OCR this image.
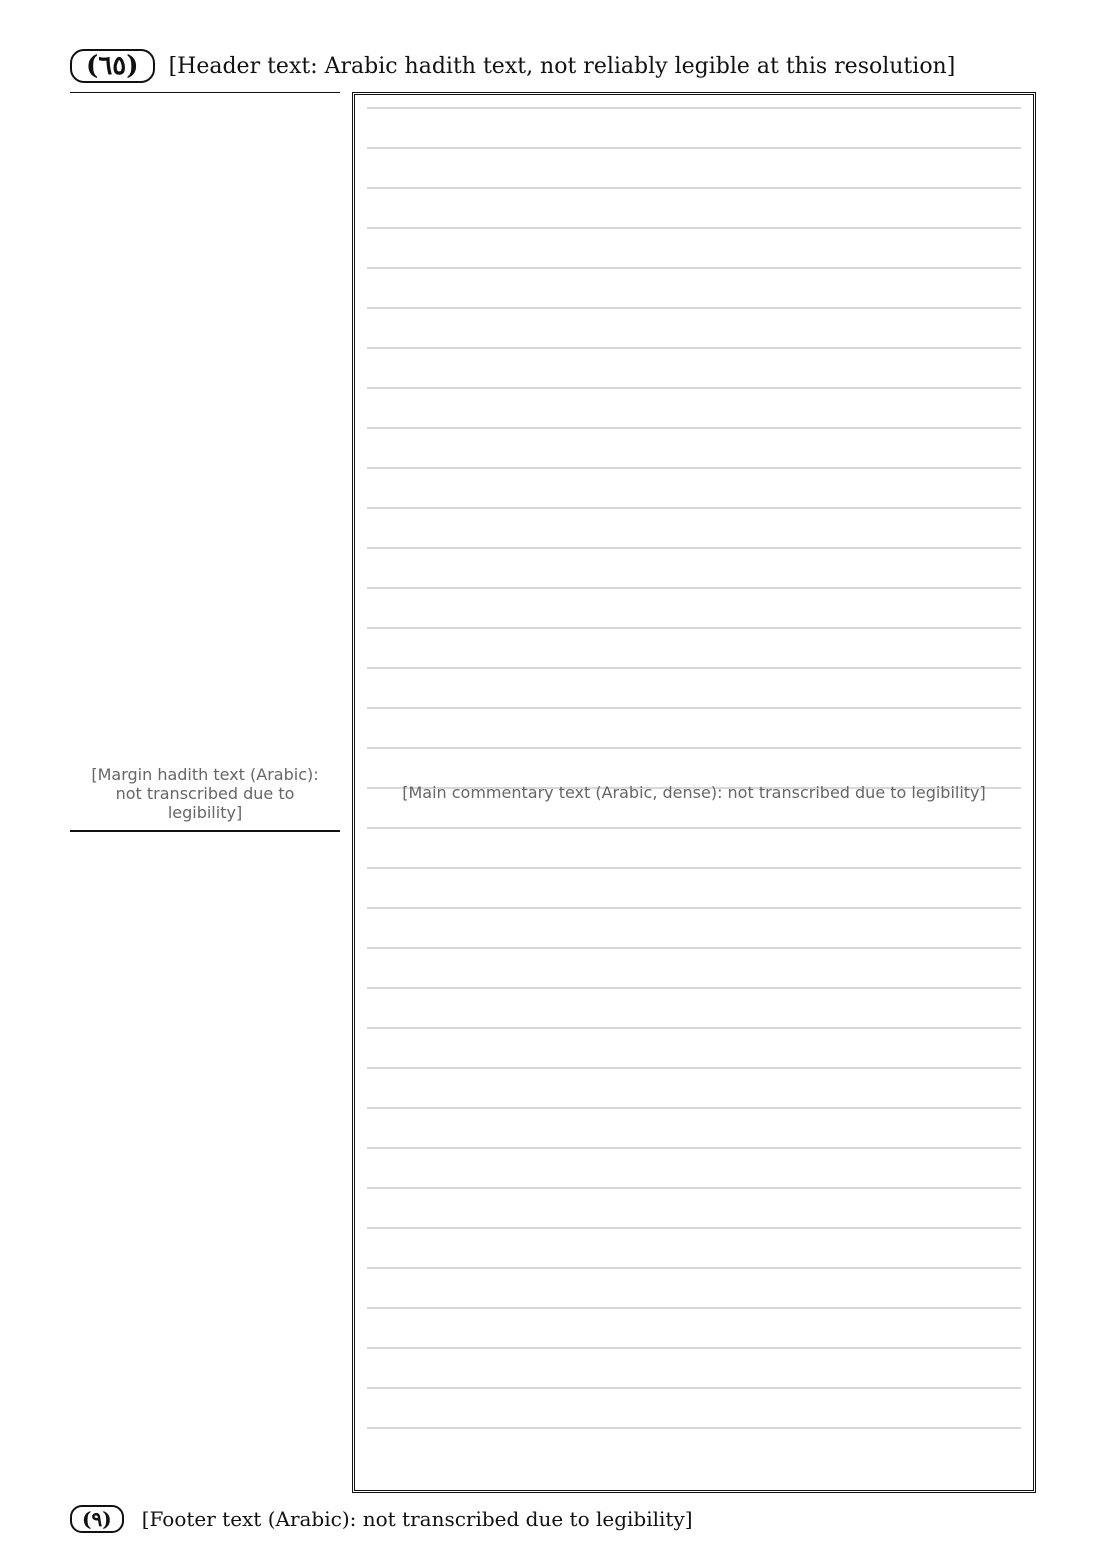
(٦٥)	[Header text: Arabic hadith text, not reliably legible at this resolution]
[Main commentary text (Arabic, dense): not transcribed due to legibility]
[Margin hadith text (Arabic): not transcribed due to legibility]
(٩)	[Footer text (Arabic): not transcribed due to legibility]
